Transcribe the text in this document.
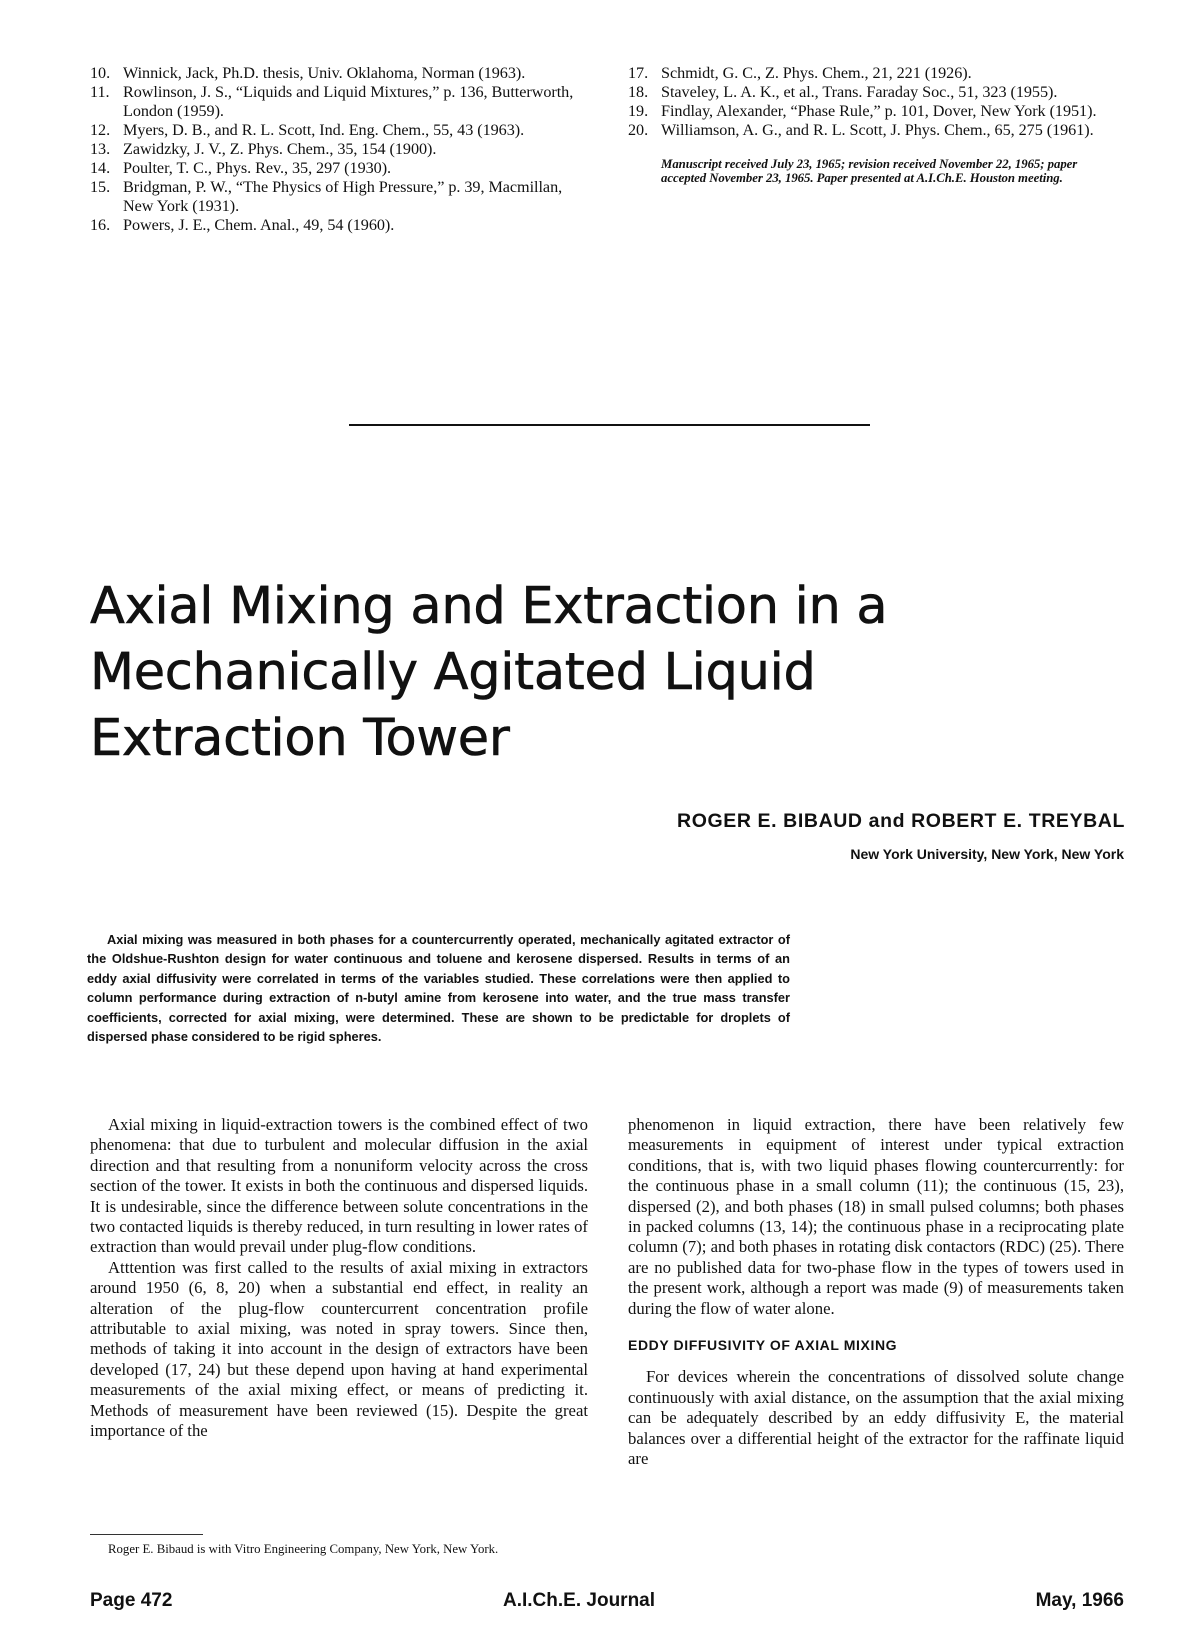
10. Winnick, Jack, Ph.D. thesis, Univ. Oklahoma, Norman (1963).
11. Rowlinson, J. S., “Liquids and Liquid Mixtures,” p. 136, Butterworth, London (1959).
12. Myers, D. B., and R. L. Scott, Ind. Eng. Chem., 55, 43 (1963).
13. Zawidzky, J. V., Z. Phys. Chem., 35, 154 (1900).
14. Poulter, T. C., Phys. Rev., 35, 297 (1930).
15. Bridgman, P. W., “The Physics of High Pressure,” p. 39, Macmillan, New York (1931).
16. Powers, J. E., Chem. Anal., 49, 54 (1960).
17. Schmidt, G. C., Z. Phys. Chem., 21, 221 (1926).
18. Staveley, L. A. K., et al., Trans. Faraday Soc., 51, 323 (1955).
19. Findlay, Alexander, “Phase Rule,” p. 101, Dover, New York (1951).
20. Williamson, A. G., and R. L. Scott, J. Phys. Chem., 65, 275 (1961).
Manuscript received July 23, 1965; revision received November 22, 1965; paper accepted November 23, 1965. Paper presented at A.I.Ch.E. Houston meeting.
Axial Mixing and Extraction in a
Mechanically Agitated Liquid
Extraction Tower
ROGER E. BIBAUD and ROBERT E. TREYBAL
New York University, New York, New York

Axial mixing was measured in both phases for a countercurrently operated, mechanically agitated extractor of the Oldshue-Rushton design for water continuous and toluene and kerosene dispersed. Results in terms of an eddy axial diffusivity were correlated in terms of the variables studied. These correlations were then applied to column performance during extraction of n-butyl amine from kerosene into water, and the true mass transfer coefficients, corrected for axial mixing, were determined. These are shown to be predictable for droplets of dispersed phase considered to be rigid spheres.

Axial mixing in liquid-extraction towers is the combined effect of two phenomena: that due to turbulent and molecular diffusion in the axial direction and that resulting from a nonuniform velocity across the cross section of the tower. It exists in both the continuous and dispersed liquids. It is undesirable, since the difference between solute concentrations in the two contacted liquids is thereby reduced, in turn resulting in lower rates of extraction than would prevail under plug-flow conditions.

Atttention was first called to the results of axial mixing in extractors around 1950 (6, 8, 20) when a substantial end effect, in reality an alteration of the plug-flow countercurrent concentration profile attributable to axial mixing, was noted in spray towers. Since then, methods of taking it into account in the design of extractors have been developed (17, 24) but these depend upon having at hand experimental measurements of the axial mixing effect, or means of predicting it. Methods of measurement have been reviewed (15). Despite the great importance of the

phenomenon in liquid extraction, there have been relatively few measurements in equipment of interest under typical extraction conditions, that is, with two liquid phases flowing countercurrently: for the continuous phase in a small column (11); the continuous (15, 23), dispersed (2), and both phases (18) in small pulsed columns; both phases in packed columns (13, 14); the continuous phase in a reciprocating plate column (7); and both phases in rotating disk contactors (RDC) (25). There are no published data for two-phase flow in the types of towers used in the present work, although a report was made (9) of measurements taken during the flow of water alone.

EDDY DIFFUSIVITY OF AXIAL MIXING

For devices wherein the concentrations of dissolved solute change continuously with axial distance, on the assumption that the axial mixing can be adequately described by an eddy diffusivity E, the material balances over a differential height of the extractor for the raffinate liquid are

Roger E. Bibaud is with Vitro Engineering Company, New York, New York.

Page 472	A.I.Ch.E. Journal	May, 1966
